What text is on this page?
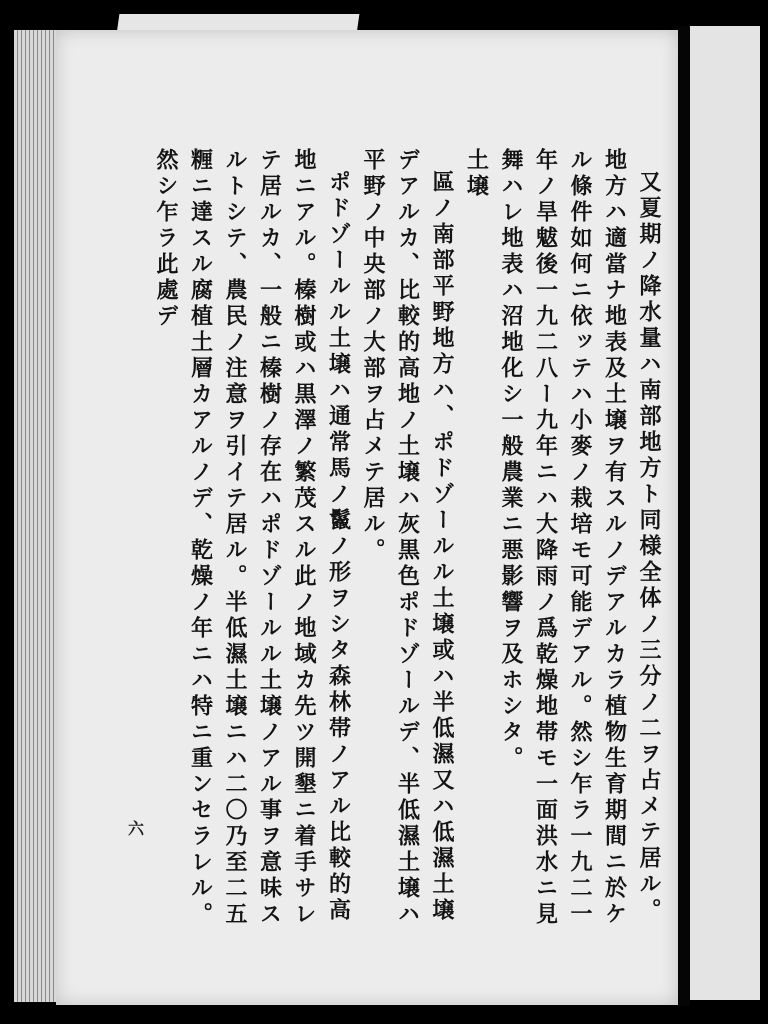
又夏期ノ降水量ハ南部地方ト同様全体ノ三分ノ二ヲ占メテ居ル。地方ハ適當ナ地表及土壌ヲ有スルノデアルカラ植物生育期間ニ於ケル條件如何ニ依ッテハ小麥ノ栽培モ可能デアル。然シ乍ラ一九二一年ノ旱魃後一九二八ー九年ニハ大降雨ノ爲乾燥地帯モ一面洪水ニ見舞ハレ地表ハ沼地化シ一般農業ニ悪影響ヲ及ホシタ。

土壌

區ノ南部平野地方ハ、ポドゾールル土壌或ハ半低濕又ハ低濕土壌デアルカ、比較的高地ノ土壌ハ灰黒色ポドゾールデ、半低濕土壌ハ平野ノ中央部ノ大部ヲ占メテ居ル。

ポドゾールル土壌ハ通常馬ノ鬣ノ形ヲシタ森林帯ノアル比較的高地ニアル。榛樹或ハ黒澤ノ繁茂スル此ノ地域カ先ツ開墾ニ着手サレテ居ルカ、一般ニ榛樹ノ存在ハポドゾールル土壌ノアル事ヲ意味スルトシテ、農民ノ注意ヲ引イテ居ル。半低濕土壌ニハ二〇乃至二五糎ニ達スル腐植土層カアルノデ、乾燥ノ年ニハ特ニ重ンセラレル。然シ乍ラ此處デ

六
